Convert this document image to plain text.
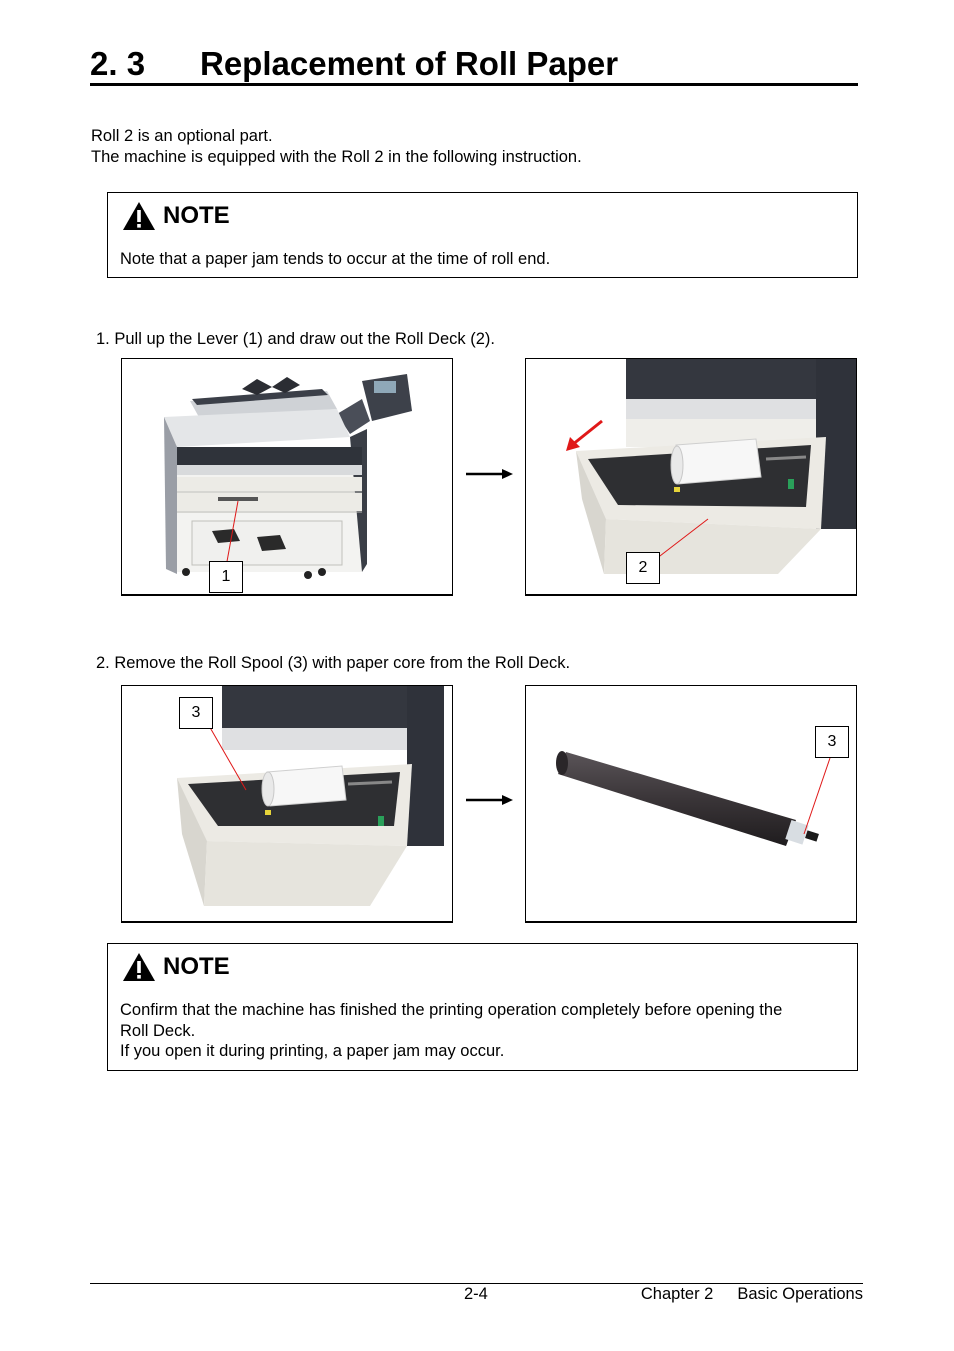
2. 3 Replacement of Roll Paper
Roll 2 is an optional part.
The machine is equipped with the Roll 2 in the following instruction.
NOTE
Note that a paper jam tends to occur at the time of roll end.
1. Pull up the Lever (1) and draw out the Roll Deck (2).
1
2
2. Remove the Roll Spool (3) with paper core from the Roll Deck.
3
3
NOTE
Confirm that the machine has finished the printing operation completely before opening the
Roll Deck.
If you open it during printing, a paper jam may occur.
2-4	Chapter 2 Basic Operations
